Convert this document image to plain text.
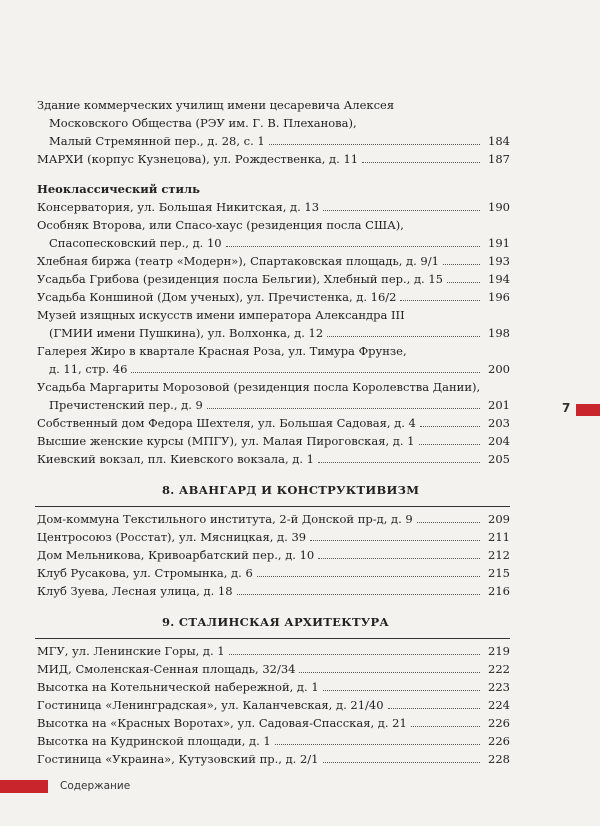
Здание коммерческих училищ имени цесаревича Алексея
Московского Общества (РЭУ им. Г. В. Плеханова),
Малый Стремянной пер., д. 28, с. 1	184
МАРХИ (корпус Кузнецова), ул. Рождественка, д. 11	187
Неоклассический стиль
Консерватория, ул. Большая Никитская, д. 13	190
Особняк Второва, или Спасо-хаус (резиденция посла США),
Спасопесковский пер., д. 10	191
Хлебная биржа (театр «Модерн»), Спартаковская площадь, д. 9/1	193
Усадьба Грибова (резиденция посла Бельгии), Хлебный пер., д. 15	194
Усадьба Коншиной (Дом ученых), ул. Пречистенка, д. 16/2	196
Музей изящных искусств имени императора Александра III
(ГМИИ имени Пушкина), ул. Волхонка, д. 12	198
Галерея Жиро в квартале Красная Роза, ул. Тимура Фрунзе,
д. 11, стр. 46	200
Усадьба Маргариты Морозовой (резиденция посла Королевства Дании),
Пречистенский пер., д. 9	201
Собственный дом Федора Шехтеля, ул. Большая Садовая, д. 4	203
Высшие женские курсы (МПГУ), ул. Малая Пироговская, д. 1	204
Киевский вокзал, пл. Киевского вокзала, д. 1	205
8. АВАНГАРД И КОНСТРУКТИВИЗМ
Дом-коммуна Текстильного института, 2-й Донской пр-д, д. 9	209
Центросоюз (Росстат), ул. Мясницкая, д. 39	211
Дом Мельникова, Кривоарбатский пер., д. 10	212
Клуб Русакова, ул. Стромынка, д. 6	215
Клуб Зуева, Лесная улица, д. 18	216
9. СТАЛИНСКАЯ АРХИТЕКТУРА
МГУ, ул. Ленинские Горы, д. 1	219
МИД, Смоленская-Сенная площадь, 32/34	222
Высотка на Котельнической набережной, д. 1	223
Гостиница «Ленинградская», ул. Каланчевская, д. 21/40	224
Высотка на «Красных Воротах», ул. Садовая-Спасская, д. 21	226
Высотка на Кудринской площади, д. 1	226
Гостиница «Украина», Кутузовский пр., д. 2/1	228
7
Содержание
